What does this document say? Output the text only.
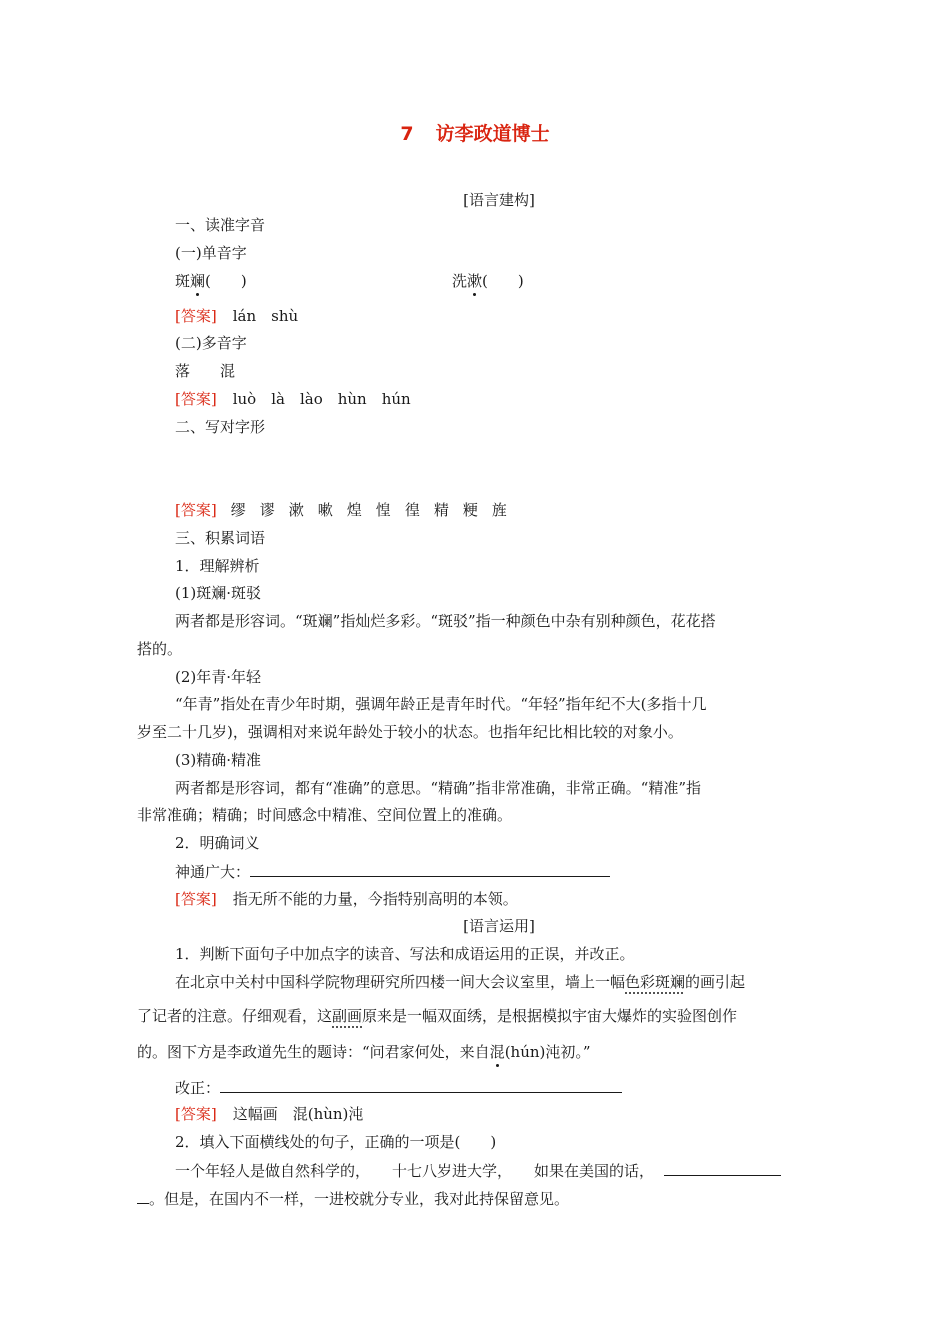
7 访李政道博士
[语言建构]
一、读准字音
(一)单音字
斑斓(　　)	洗漱(　　)
[答案] lán　shù
(二)多音字
落　　混
[答案] luò　là　lào　hùn　hún
二、写对字形
[答案] 缪 谬 漱 嗽 煌 惶 徨 精 粳 旌
三、积累词语
1．理解辨析
(1)斑斓·斑驳
两者都是形容词。“斑斓”指灿烂多彩。“斑驳”指一种颜色中杂有别种颜色，花花搭
搭的。
(2)年青·年轻
“年青”指处在青少年时期，强调年龄正是青年时代。“年轻”指年纪不大(多指十几
岁至二十几岁)，强调相对来说年龄处于较小的状态。也指年纪比相比较的对象小。
(3)精确·精准
两者都是形容词，都有“准确”的意思。“精确”指非常准确，非常正确。“精准”指
非常准确；精确；时间感念中精准、空间位置上的准确。
2．明确词义
神通广大：
[答案] 指无所不能的力量，今指特别高明的本领。
[语言运用]
1．判断下面句子中加点字的读音、写法和成语运用的正误，并改正。
在北京中关村中国科学院物理研究所四楼一间大会议室里，墙上一幅色彩斑斓的画引起
了记者的注意。仔细观看，这副画原来是一幅双面绣，是根据模拟宇宙大爆炸的实验图创作
的。图下方是李政道先生的题诗：“问君家何处，来自混(hún)沌初。”
改正：
[答案] 这幅画　混(hùn)沌
2．填入下面横线处的句子，正确的一项是(　　)
一个年轻人是做自然科学的， 十七八岁进大学， 如果在美国的话，
。但是，在国内不一样，一进校就分专业，我对此持保留意见。
